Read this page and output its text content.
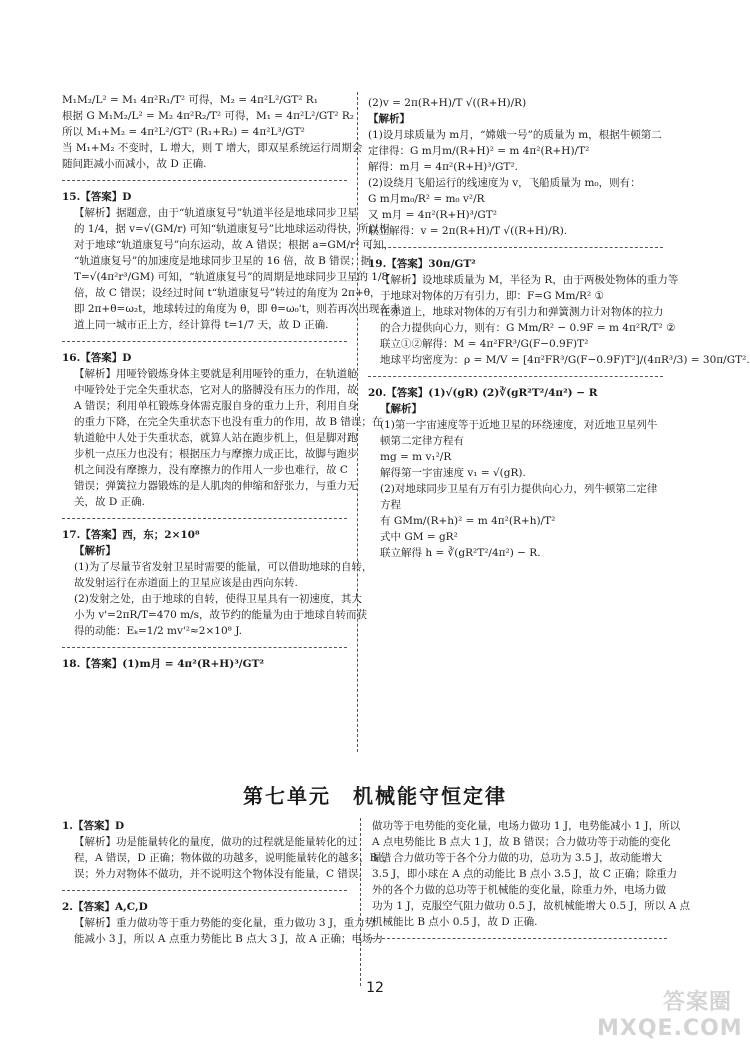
M₁M₂/L² = M₁ 4π²R₁/T² 可得，M₂ = 4π²L²/GT² R₁
根据 G M₁M₂/L² = M₂ 4π²R₂/T² 可得，M₁ = 4π²L²/GT² R₂
所以 M₁+M₂ = 4π²L²/GT² (R₁+R₂) = 4π²L³/GT²
当 M₁+M₂ 不变时，L 增大，则 T 增大，即双星系统运行周期会
随间距减小而减小，故 D 正确.
15.【答案】D
【解析】据题意，由于“轨道康复号”轨道半径是地球同步卫星
的 1/4，据 v=√(GM/r) 可知“轨道康复号”比地球运动得快，所以相
对于地球“轨道康复号”向东运动，故 A 错误；根据 a=GM/r² 可知，
“轨道康复号”的加速度是地球同步卫星的 16 倍，故 B 错误；据
T=√(4π²r³/GM) 可知，“轨道康复号”的周期是地球同步卫星的 1/8
倍，故 C 错误；设经过时间 t“轨道康复号”转过的角度为 2π+θ，
即 2π+θ=ω₂t，地球转过的角度为 θ，即 θ=ω₀'t，则若再次出现在赤
道上同一城市正上方，经计算得 t=1/7 天，故 D 正确.
16.【答案】D
【解析】用哑铃锻炼身体主要就是利用哑铃的重力，在轨道舱
中哑铃处于完全失重状态，它对人的胳膊没有压力的作用，故
A 错误；利用单杠锻炼身体需克服自身的重力上升，利用自身
的重力下降，在完全失重状态下也没有重力的作用，故 B 错误；在
轨道舱中人处于失重状态，就算人站在跑步机上，但是脚对跑
步机一点压力也没有；根据压力与摩擦力成正比，故脚与跑步
机之间没有摩擦力，没有摩擦力的作用人一步也难行，故 C
错误；弹簧拉力器锻炼的是人肌肉的伸缩和舒张力，与重力无
关，故 D 正确.
17.【答案】西，东；2×10⁸
【解析】
(1)为了尽量节省发射卫星时需要的能量，可以借助地球的自转，
故发射运行在赤道面上的卫星应该是由西向东转.
(2)发射之处，由于地球的自转，使得卫星具有一初速度，其大
小为 v'=2πR/T=470 m/s，故节约的能量为由于地球自转而获
得的动能：Eₖ=1/2 mv'²≈2×10⁸ J.
18.【答案】(1)m月 = 4π²(R+H)³/GT²
(2)v = 2π(R+H)/T √((R+H)/R)
【解析】
(1)设月球质量为 m月，“嫦娥一号”的质量为 m，根据牛顿第二
定律得：G m月m/(R+H)² = m 4π²(R+H)/T²
解得：m月 = 4π²(R+H)³/GT².
(2)设绕月飞船运行的线速度为 v，飞船质量为 m₀，则有：
G m月m₀/R² = m₀ v²/R
又 m月 = 4π²(R+H)³/GT²
联立解得：v = 2π(R+H)/T √((R+H)/R).
19.【答案】30π/GT²
【解析】设地球质量为 M，半径为 R，由于两极处物体的重力等
于地球对物体的万有引力，即：F=G Mm/R² ①
在赤道上，地球对物体的万有引力和弹簧测力计对物体的拉力
的合力提供向心力，则有：G Mm/R² − 0.9F = m 4π²R/T² ②
联立①②解得：M = 4π²FR³/G(F−0.9F)T²
地球平均密度为：ρ = M/V = [4π²FR³/G(F−0.9F)T²]/(4πR³/3) = 30π/GT².
20.【答案】(1)√(gR) (2)∛(gR²T²/4π²) − R
【解析】
(1)第一宇宙速度等于近地卫星的环绕速度，对近地卫星列牛
顿第二定律方程有
mg = m v₁²/R
解得第一宇宙速度 v₁ = √(gR).
(2)对地球同步卫星有万有引力提供向心力，列牛顿第二定律
方程
有 GMm/(R+h)² = m 4π²(R+h)/T²
式中 GM = gR²
联立解得 h = ∛(gR²T²/4π²) − R.
第七单元　机械能守恒定律
1.【答案】D
【解析】功是能量转化的量度，做功的过程就是能量转化的过
程，A 错误，D 正确；物体做的功越多，说明能量转化的越多，B 错
误；外力对物体不做功，并不说明这个物体没有能量，C 错误.
2.【答案】A,C,D
【解析】重力做功等于重力势能的变化量，重力做功 3 J，重力势
能减小 3 J，所以 A 点重力势能比 B 点大 3 J，故 A 正确；电场力
做功等于电势能的变化量，电场力做功 1 J，电势能减小 1 J，所以
A 点电势能比 B 点大 1 J，故 B 错误；合力做功等于动能的变化
量，合力做功等于各个分力做的功，总功为 3.5 J，故动能增大
3.5 J，即小球在 A 点的动能比 B 点小 3.5 J，故 C 正确；除重力
外的各个力做的总功等于机械能的变化量，除重力外，电场力做
功为 1 J，克服空气阻力做功 0.5 J，故机械能增大 0.5 J，所以 A 点
机械能比 B 点小 0.5 J，故 D 正确.
12
答案圈 MXQE.COM
